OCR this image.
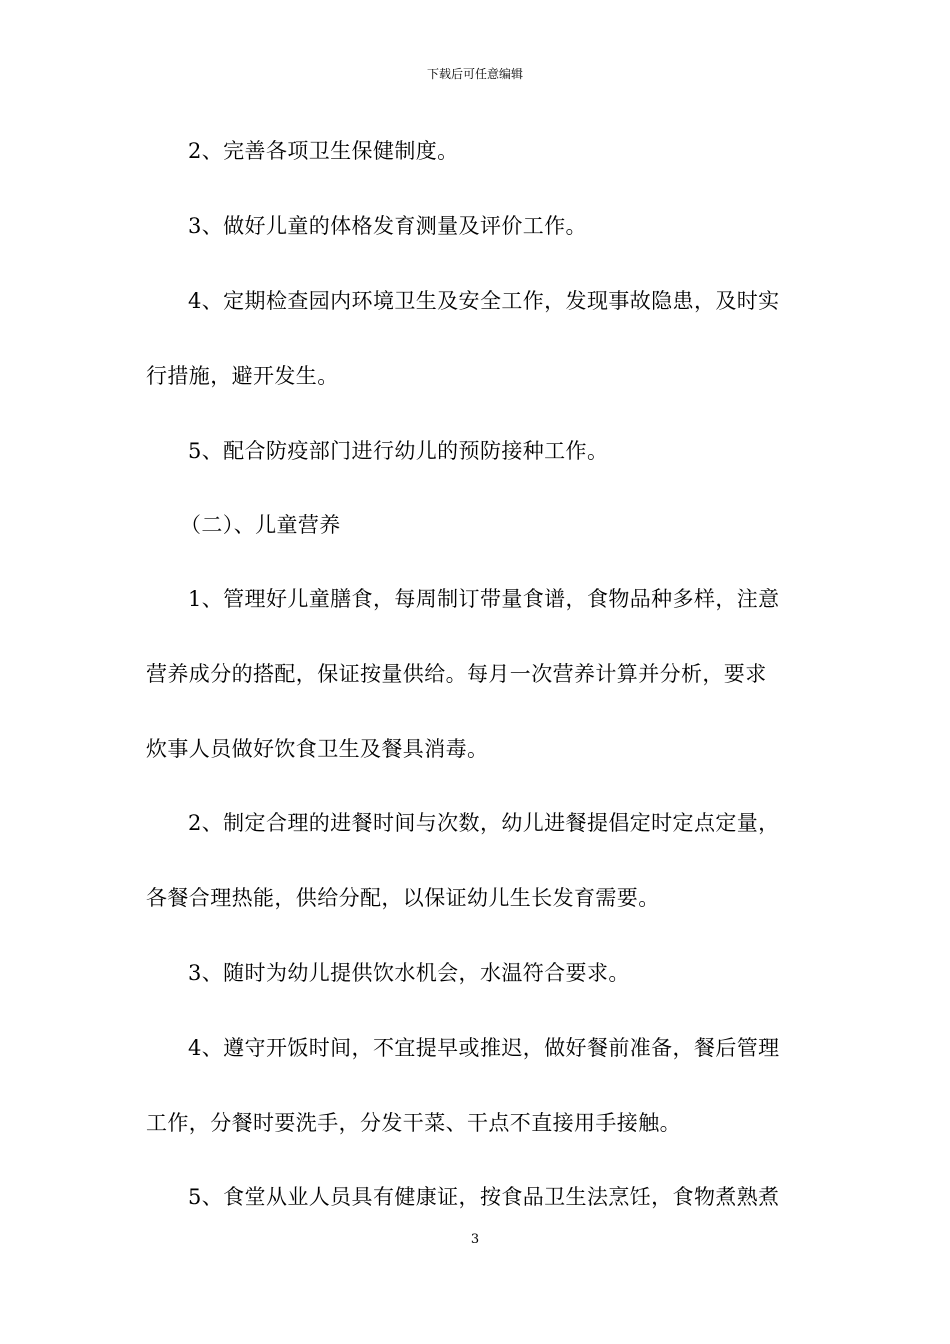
下载后可任意编辑
2、完善各项卫生保健制度。
3、做好儿童的体格发育测量及评价工作。
4、定期检查园内环境卫生及安全工作，发现事故隐患，及时实
行措施，避开发生。
5、配合防疫部门进行幼儿的预防接种工作。
（二）、儿童营养
1、管理好儿童膳食，每周制订带量食谱，食物品种多样，注意
营养成分的搭配，保证按量供给。每月一次营养计算并分析，要求
炊事人员做好饮食卫生及餐具消毒。
2、制定合理的进餐时间与次数，幼儿进餐提倡定时定点定量，
各餐合理热能，供给分配，以保证幼儿生长发育需要。
3、随时为幼儿提供饮水机会，水温符合要求。
4、遵守开饭时间，不宜提早或推迟，做好餐前准备，餐后管理
工作，分餐时要洗手，分发干菜、干点不直接用手接触。
5、食堂从业人员具有健康证，按食品卫生法烹饪，食物煮熟煮
3
